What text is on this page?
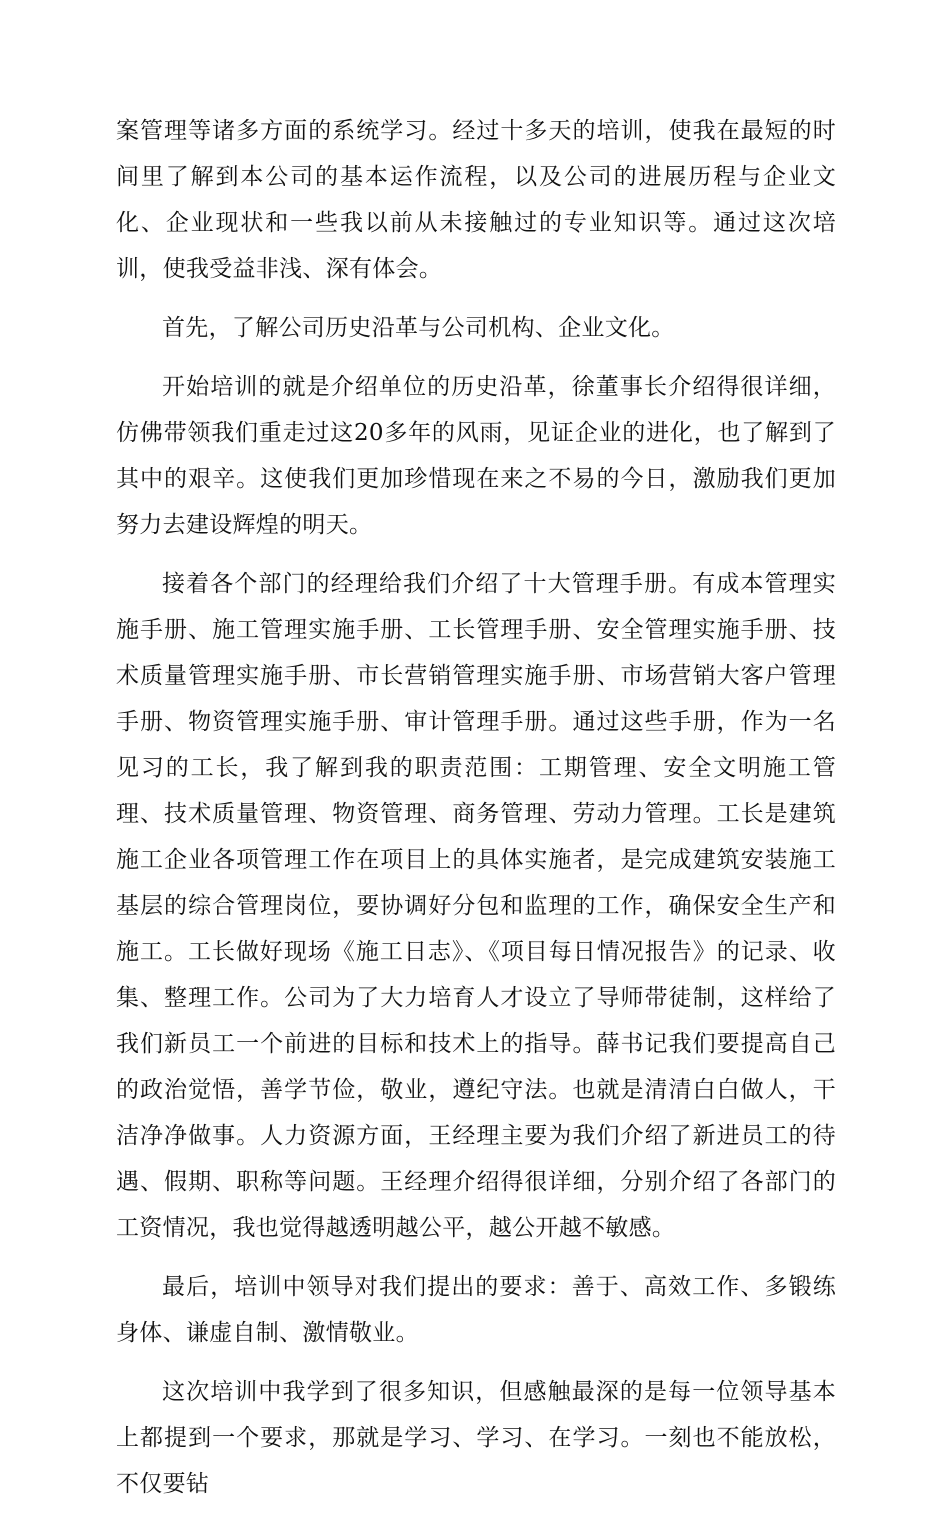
案管理等诸多方面的系统学习。经过十多天的培训，使我在最短的时间里了解到本公司的基本运作流程，以及公司的进展历程与企业文化、企业现状和一些我以前从未接触过的专业知识等。通过这次培训，使我受益非浅、深有体会。

首先，了解公司历史沿革与公司机构、企业文化。

开始培训的就是介绍单位的历史沿革，徐董事长介绍得很详细，仿佛带领我们重走过这20多年的风雨，见证企业的进化，也了解到了其中的艰辛。这使我们更加珍惜现在来之不易的今日，激励我们更加努力去建设辉煌的明天。

接着各个部门的经理给我们介绍了十大管理手册。有成本管理实施手册、施工管理实施手册、工长管理手册、安全管理实施手册、技术质量管理实施手册、市长营销管理实施手册、市场营销大客户管理手册、物资管理实施手册、审计管理手册。通过这些手册，作为一名见习的工长，我了解到我的职责范围：工期管理、安全文明施工管理、技术质量管理、物资管理、商务管理、劳动力管理。工长是建筑施工企业各项管理工作在项目上的具体实施者，是完成建筑安装施工基层的综合管理岗位，要协调好分包和监理的工作，确保安全生产和施工。工长做好现场《施工日志》、《项目每日情况报告》的记录、收集、整理工作。公司为了大力培育人才设立了导师带徒制，这样给了我们新员工一个前进的目标和技术上的指导。薛书记我们要提高自己的政治觉悟，善学节俭，敬业，遵纪守法。也就是清清白白做人，干洁净净做事。人力资源方面，王经理主要为我们介绍了新进员工的待遇、假期、职称等问题。王经理介绍得很详细，分别介绍了各部门的工资情况，我也觉得越透明越公平，越公开越不敏感。

最后，培训中领导对我们提出的要求：善于、高效工作、多锻练身体、谦虚自制、激情敬业。

这次培训中我学到了很多知识，但感触最深的是每一位领导基本上都提到一个要求，那就是学习、学习、在学习。一刻也不能放松，不仅要钻
